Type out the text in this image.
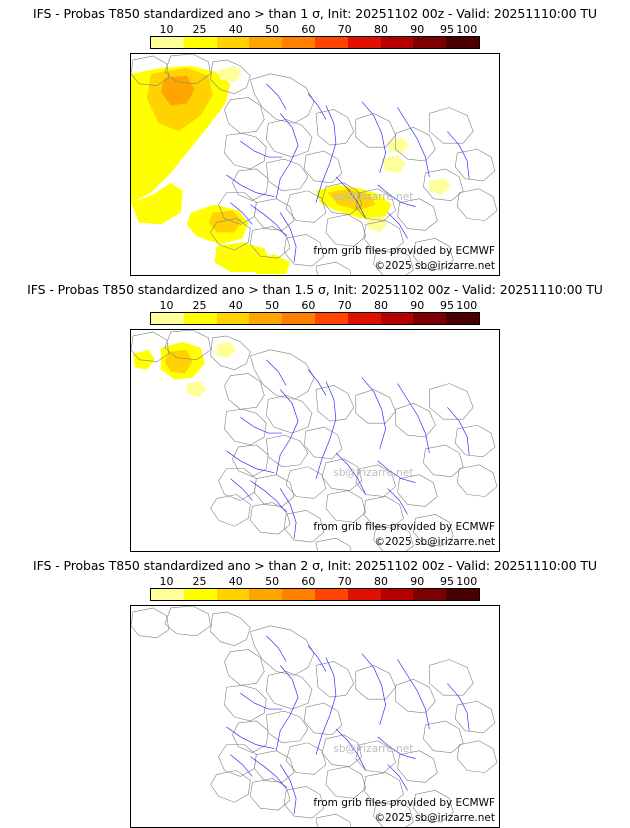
IFS - Probas T850 standardized ano > than 1 σ, Init: 20251102 00z - Valid: 20251110:00 TU
10 25 40 50 60 70 80 90 95 100
from grib files provided by ECMWF
©2025 sb@irizarre.net
sb@irizarre.net
IFS - Probas T850 standardized ano > than 1.5 σ, Init: 20251102 00z - Valid: 20251110:00 TU
10 25 40 50 60 70 80 90 95 100
from grib files provided by ECMWF
©2025 sb@irizarre.net
sb@irizarre.net
IFS - Probas T850 standardized ano > than 2 σ, Init: 20251102 00z - Valid: 20251110:00 TU
10 25 40 50 60 70 80 90 95 100
from grib files provided by ECMWF
©2025 sb@irizarre.net
sb@irizarre.net
